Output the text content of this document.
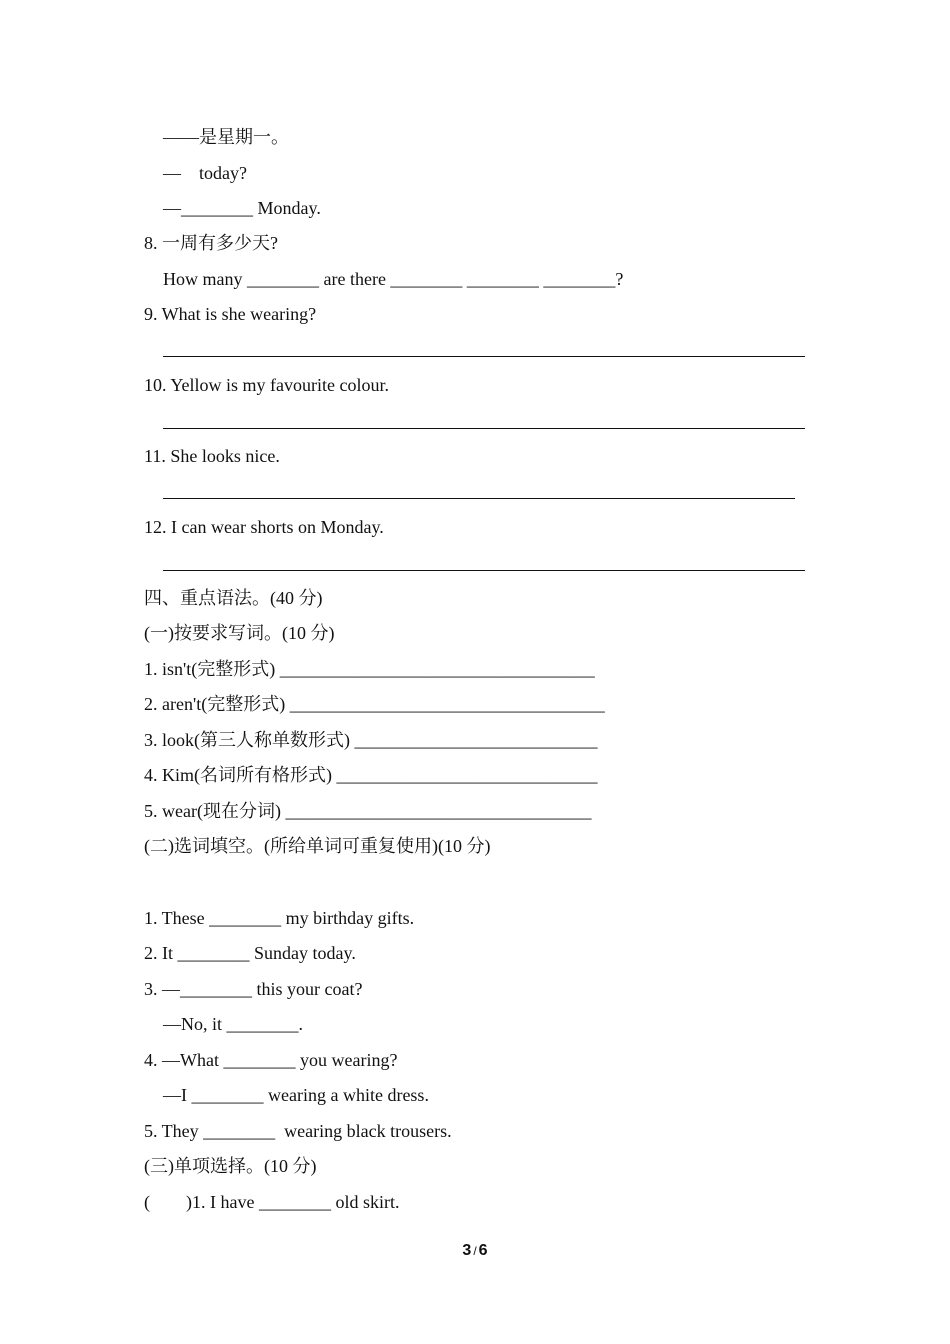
——是星期一。
—    today?
—________ Monday.
8. 一周有多少天?
How many ________ are there ________ ________ ________?
9. What is she wearing?
10. Yellow is my favourite colour.
11. She looks nice.
12. I can wear shorts on Monday.
四、重点语法。(40 分)
(一)按要求写词。(10 分)
1. isn't(完整形式) ___________________________________
2. aren't(完整形式) ___________________________________
3. look(第三人称单数形式) ___________________________
4. Kim(名词所有格形式) _____________________________
5. wear(现在分词) __________________________________
(二)选词填空。(所给单词可重复使用)(10 分)
1. These ________ my birthday gifts.
2. It ________ Sunday today.
3. —________ this your coat?
—No, it ________.
4. —What ________ you wearing?
—I ________ wearing a white dress.
5. They ________  wearing black trousers.
(三)单项选择。(10 分)
(        )1. I have ________ old skirt.
3 / 6
